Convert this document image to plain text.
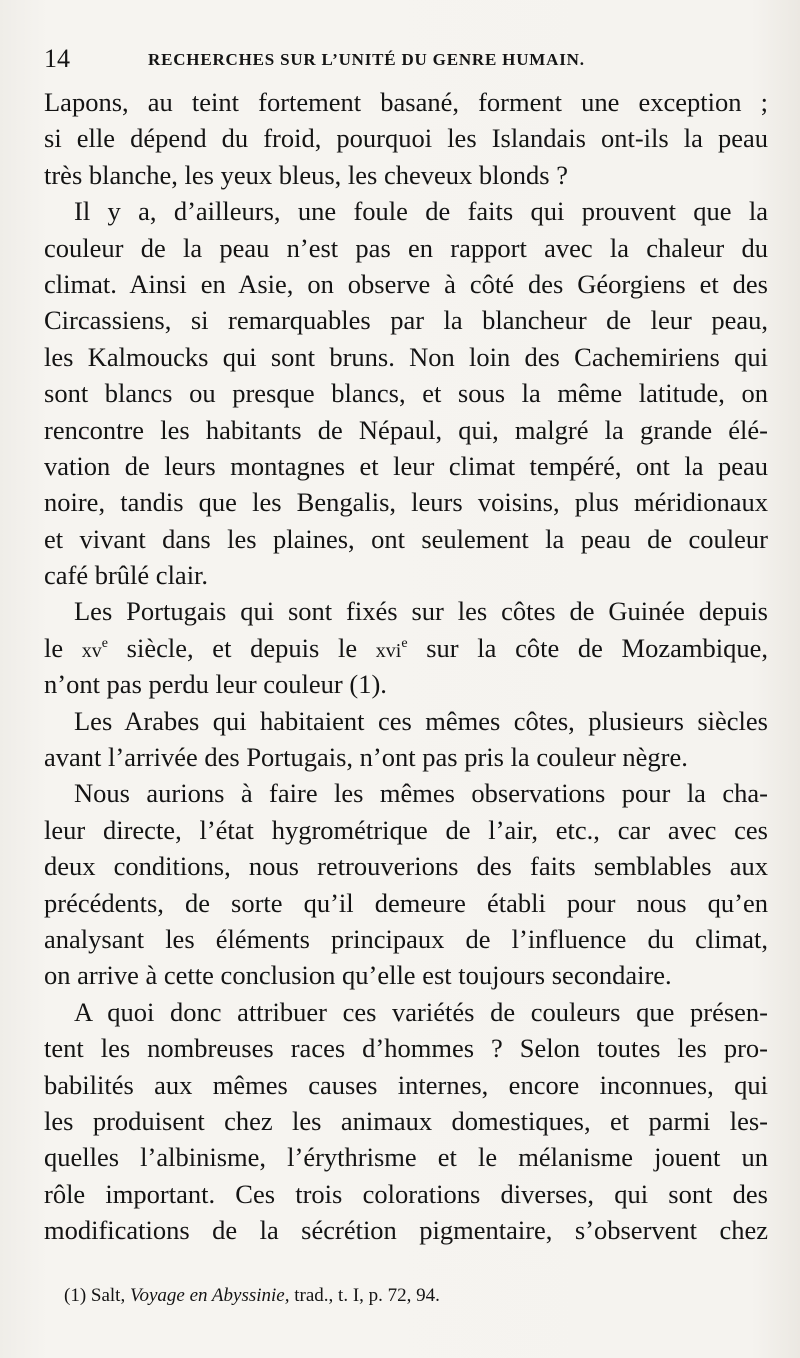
14	RECHERCHES SUR L’UNITÉ DU GENRE HUMAIN.
Lapons, au teint fortement basané, forment une exception ;
si elle dépend du froid, pourquoi les Islandais ont-ils la peau
très blanche, les yeux bleus, les cheveux blonds ?
Il y a, d’ailleurs, une foule de faits qui prouvent que la
couleur de la peau n’est pas en rapport avec la chaleur du
climat. Ainsi en Asie, on observe à côté des Géorgiens et des
Circassiens, si remarquables par la blancheur de leur peau,
les Kalmoucks qui sont bruns. Non loin des Cachemiriens qui
sont blancs ou presque blancs, et sous la même latitude, on
rencontre les habitants de Népaul, qui, malgré la grande élé-
vation de leurs montagnes et leur climat tempéré, ont la peau
noire, tandis que les Bengalis, leurs voisins, plus méridionaux
et vivant dans les plaines, ont seulement la peau de couleur
café brûlé clair.
Les Portugais qui sont fixés sur les côtes de Guinée depuis
le $xv^e$ siècle, et depuis le xvi$^e$ sur la côte de Mozambique,
n’ont pas perdu leur couleur (1).
Les Arabes qui habitaient ces mêmes côtes, plusieurs siècles
avant l’arrivée des Portugais, n’ont pas pris la couleur nègre.
Nous aurions à faire les mêmes observations pour la cha-
leur directe, l’état hygrométrique de l’air, etc., car avec ces
deux conditions, nous retrouverions des faits semblables aux
précédents, de sorte qu’il demeure établi pour nous qu’en
analysant les éléments principaux de l’influence du climat,
on arrive à cette conclusion qu’elle est toujours secondaire.
A quoi donc attribuer ces variétés de couleurs que présen-
tent les nombreuses races d’hommes ? Selon toutes les pro-
babilités aux mêmes causes internes, encore inconnues, qui
les produisent chez les animaux domestiques, et parmi les-
quelles l’albinisme, l’érythrisme et le mélanisme jouent un
rôle important. Ces trois colorations diverses, qui sont des
modifications de la sécrétion pigmentaire, s’observent chez
(1) Salt, Voyage en Abyssinie, trad., t. I, p. 72, 94.
